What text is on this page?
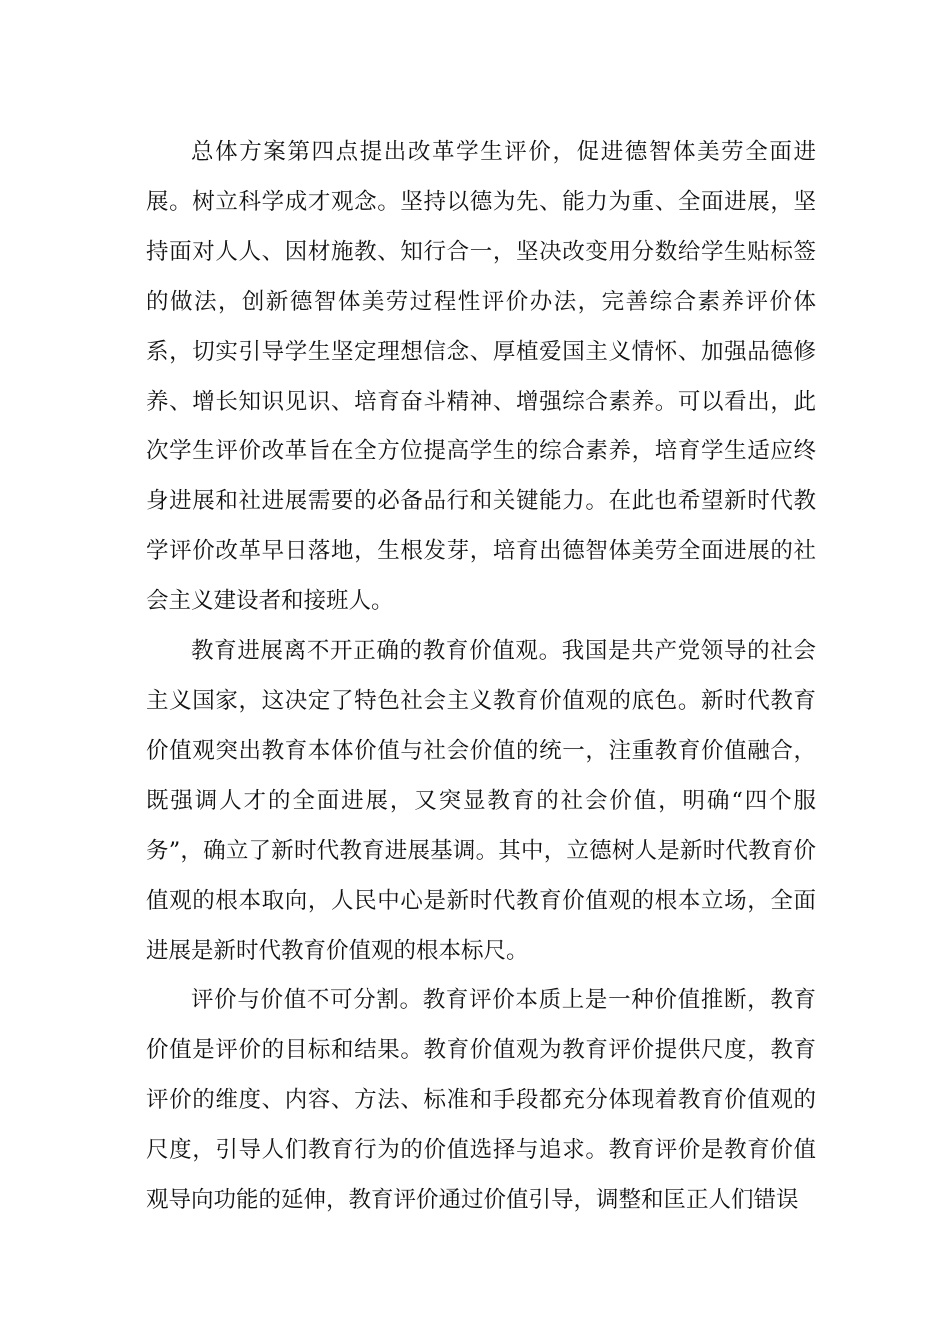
总体方案第四点提出改革学生评价，促进德智体美劳全面进展。树立科学成才观念。坚持以德为先、能力为重、全面进展，坚持面对人人、因材施教、知行合一，坚决改变用分数给学生贴标签的做法，创新德智体美劳过程性评价办法，完善综合素养评价体系，切实引导学生坚定理想信念、厚植爱国主义情怀、加强品德修养、增长知识见识、培育奋斗精神、增强综合素养。可以看出，此次学生评价改革旨在全方位提高学生的综合素养，培育学生适应终身进展和社进展需要的必备品行和关键能力。在此也希望新时代教学评价改革早日落地，生根发芽，培育出德智体美劳全面进展的社会主义建设者和接班人。

教育进展离不开正确的教育价值观。我国是共产党领导的社会主义国家，这决定了特色社会主义教育价值观的底色。新时代教育价值观突出教育本体价值与社会价值的统一，注重教育价值融合，既强调人才的全面进展，又突显教育的社会价值，明确“四个服务”，确立了新时代教育进展基调。其中，立德树人是新时代教育价值观的根本取向，人民中心是新时代教育价值观的根本立场，全面进展是新时代教育价值观的根本标尺。

评价与价值不可分割。教育评价本质上是一种价值推断，教育价值是评价的目标和结果。教育价值观为教育评价提供尺度，教育评价的维度、内容、方法、标准和手段都充分体现着教育价值观的尺度，引导人们教育行为的价值选择与追求。教育评价是教育价值观导向功能的延伸，教育评价通过价值引导，调整和匡正人们错误
